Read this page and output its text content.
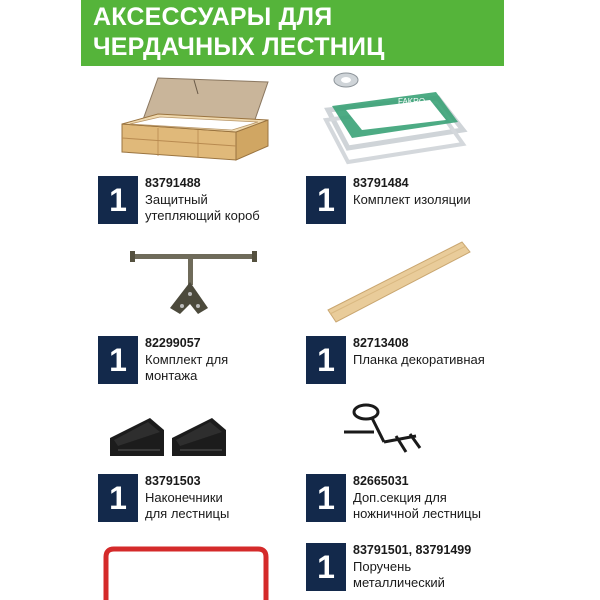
АКСЕССУАРЫ ДЛЯ
ЧЕРДАЧНЫХ ЛЕСТНИЦ
FAKRO
1	83791488
Защитный
утепляющий короб	1	83791484
Комплект изоляции
1	82299057
Комплект для
монтажа	1	82713408
Планка декоративная
1	83791503
Наконечники
для лестницы	1	82665031
Доп.секция для
ножничной лестницы
1	83791501, 83791499
Поручень
металлический
